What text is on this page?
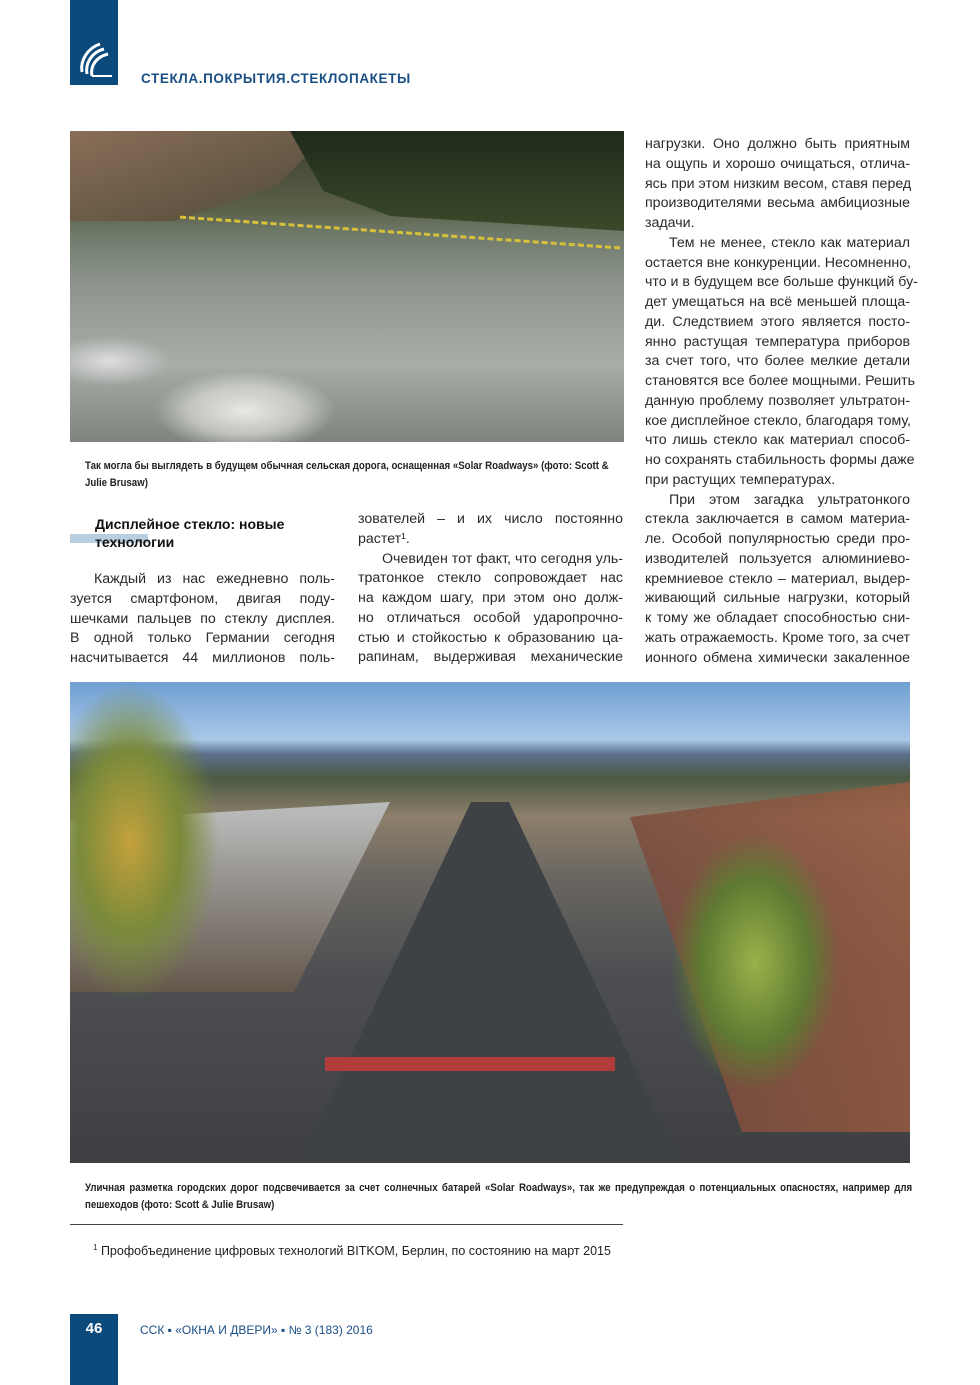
СТЕКЛА.ПОКРЫТИЯ.СТЕКЛОПАКЕТЫ
Так могла бы выглядеть в будущем обычная сельская дорога, оснащенная «Solar Roadways» (фото: Scott & Julie Brusaw)
Дисплейное стекло: новые технологии
Каждый из нас ежедневно поль-
зуется смартфоном, двигая поду-
шечками пальцев по стеклу дисплея.
В одной только Германии сегодня
насчитывается 44 миллионов поль-
зователей – и их число постоянно
растет¹.
Очевиден тот факт, что сегодня уль-
тратонкое стекло сопровождает нас
на каждом шагу, при этом оно долж-
но отличаться особой ударопрочно-
стью и стойкостью к образованию ца-
рапинам, выдерживая механические
нагрузки. Оно должно быть приятным
на ощупь и хорошо очищаться, отлича-
ясь при этом низким весом, ставя перед
производителями весьма амбициозные
задачи.
Тем не менее, стекло как материал
остается вне конкуренции. Несомненно,
что и в будущем все больше функций бу-
дет умещаться на всё меньшей площа-
ди. Следствием этого является посто-
янно растущая температура приборов
за счет того, что более мелкие детали
становятся все более мощными. Решить
данную проблему позволяет ультратон-
кое дисплейное стекло, благодаря тому,
что лишь стекло как материал способ-
но сохранять стабильность формы даже
при растущих температурах.
При этом загадка ультратонкого
стекла заключается в самом материа-
ле. Особой популярностью среди про-
изводителей пользуется алюминиево-
кремниевое стекло – материал, выдер-
живающий сильные нагрузки, который
к тому же обладает способностью сни-
жать отражаемость. Кроме того, за счет
ионного обмена химически закаленное
Уличная разметка городских дорог подсвечивается за счет солнечных батарей «Solar Roadways», так же предупреждая о потенциальных опасностях, например для пешеходов (фото: Scott & Julie Brusaw)
$^1$ Профобъединение цифровых технологий BITKOM, Берлин, по состоянию на март 2015
46	ССК ▪ «ОКНА И ДВЕРИ» ▪ № 3 (183) 2016
